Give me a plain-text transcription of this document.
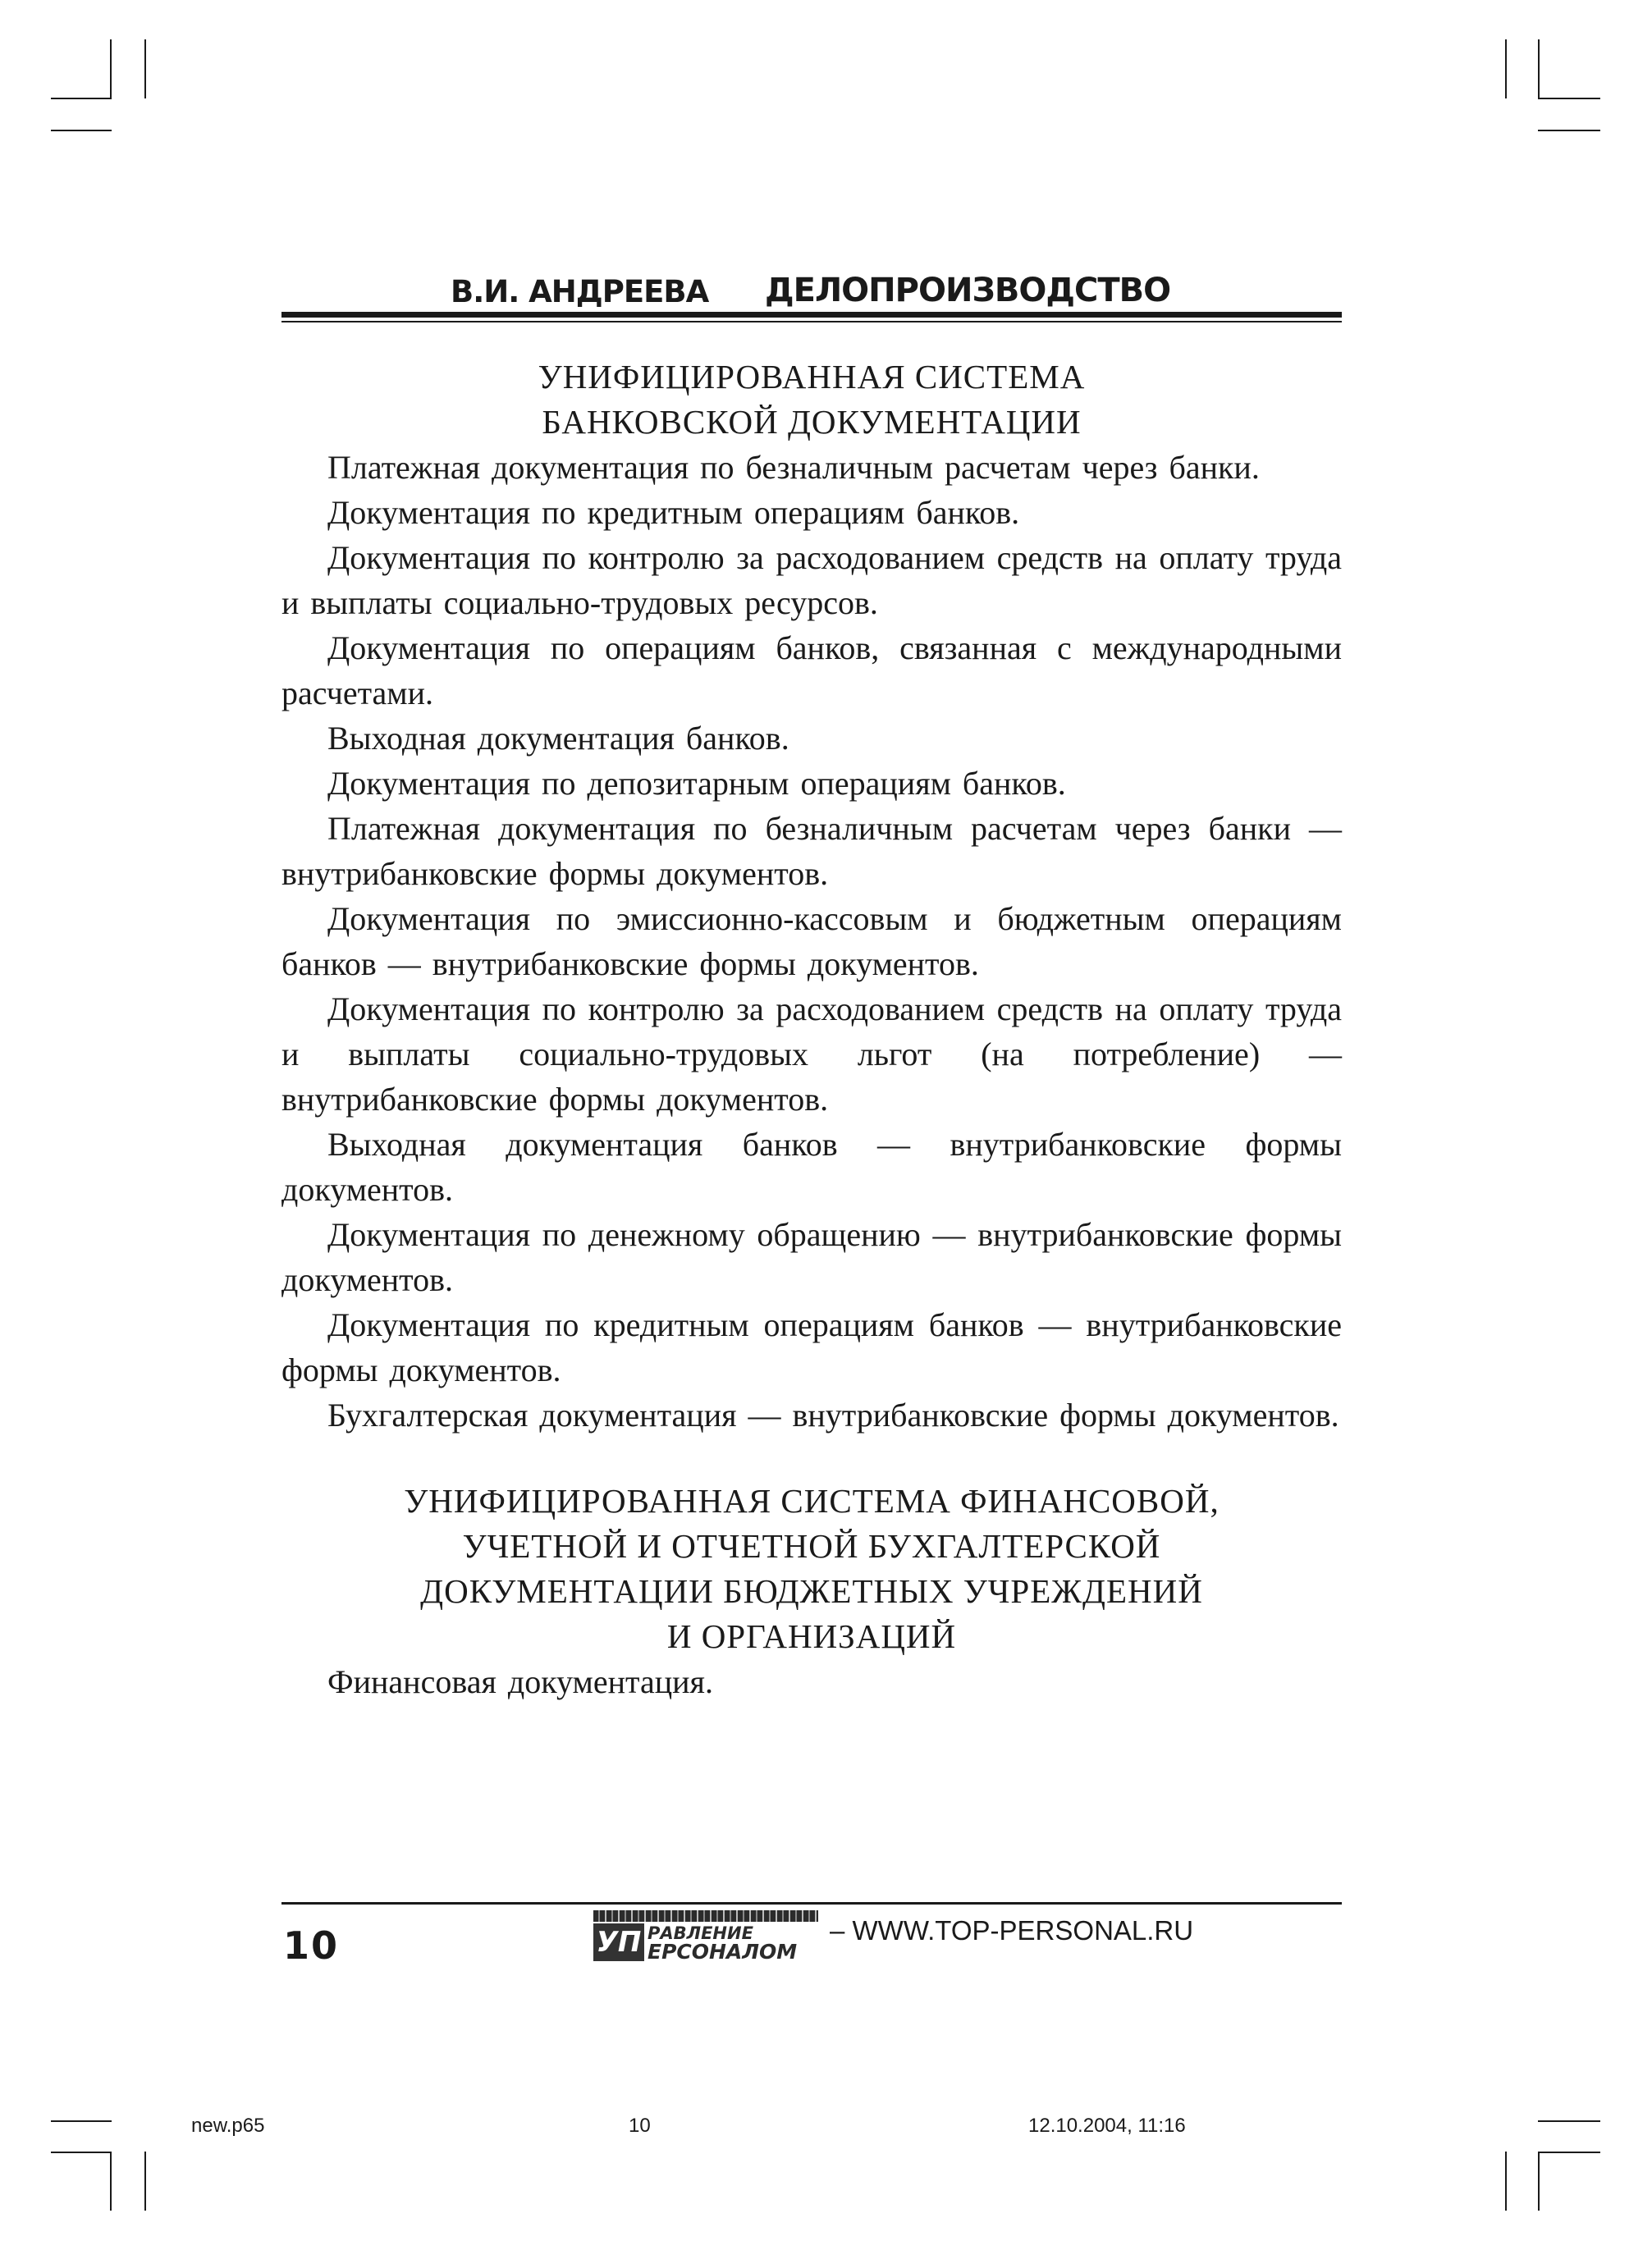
В.И. АНДРЕЕВА ДЕЛОПРОИЗВОДСТВО
УНИФИЦИРОВАННАЯ СИСТЕМА
БАНКОВСКОЙ ДОКУМЕНТАЦИИ

Платежная документация по безналичным расчетам через банки.

Документация по кредитным операциям банков.

Документация по контролю за расходованием средств на оплату труда и выплаты социально-трудовых ресурсов.

Документация по операциям банков, связанная с международными расчетами.

Выходная документация банков.

Документация по депозитарным операциям банков.

Платежная документация по безналичным расчетам через банки — внутрибанковские формы документов.

Документация по эмиссионно-кассовым и бюджетным операциям банков — внутрибанковские формы документов.

Документация по контролю за расходованием средств на оплату труда и выплаты социально-трудовых льгот (на потребление) — внутрибанковские формы документов.

Выходная документация банков — внутрибанковские формы документов.

Документация по денежному обращению — внутрибанковские формы документов.

Документация по кредитным операциям банков — внутрибанковские формы документов.

Бухгалтерская документация — внутрибанковские формы документов.

УНИФИЦИРОВАННАЯ СИСТЕМА ФИНАНСОВОЙ,
УЧЕТНОЙ И ОТЧЕТНОЙ БУХГАЛТЕРСКОЙ
ДОКУМЕНТАЦИИ БЮДЖЕТНЫХ УЧРЕЖДЕНИЙ
И ОРГАНИЗАЦИЙ

Финансовая документация.

10	УП РАВЛЕНИЕ
ЕРСОНАЛОМ
– WWW.TOP-PERSONAL.RU
new.p65	10	12.10.2004, 11:16
